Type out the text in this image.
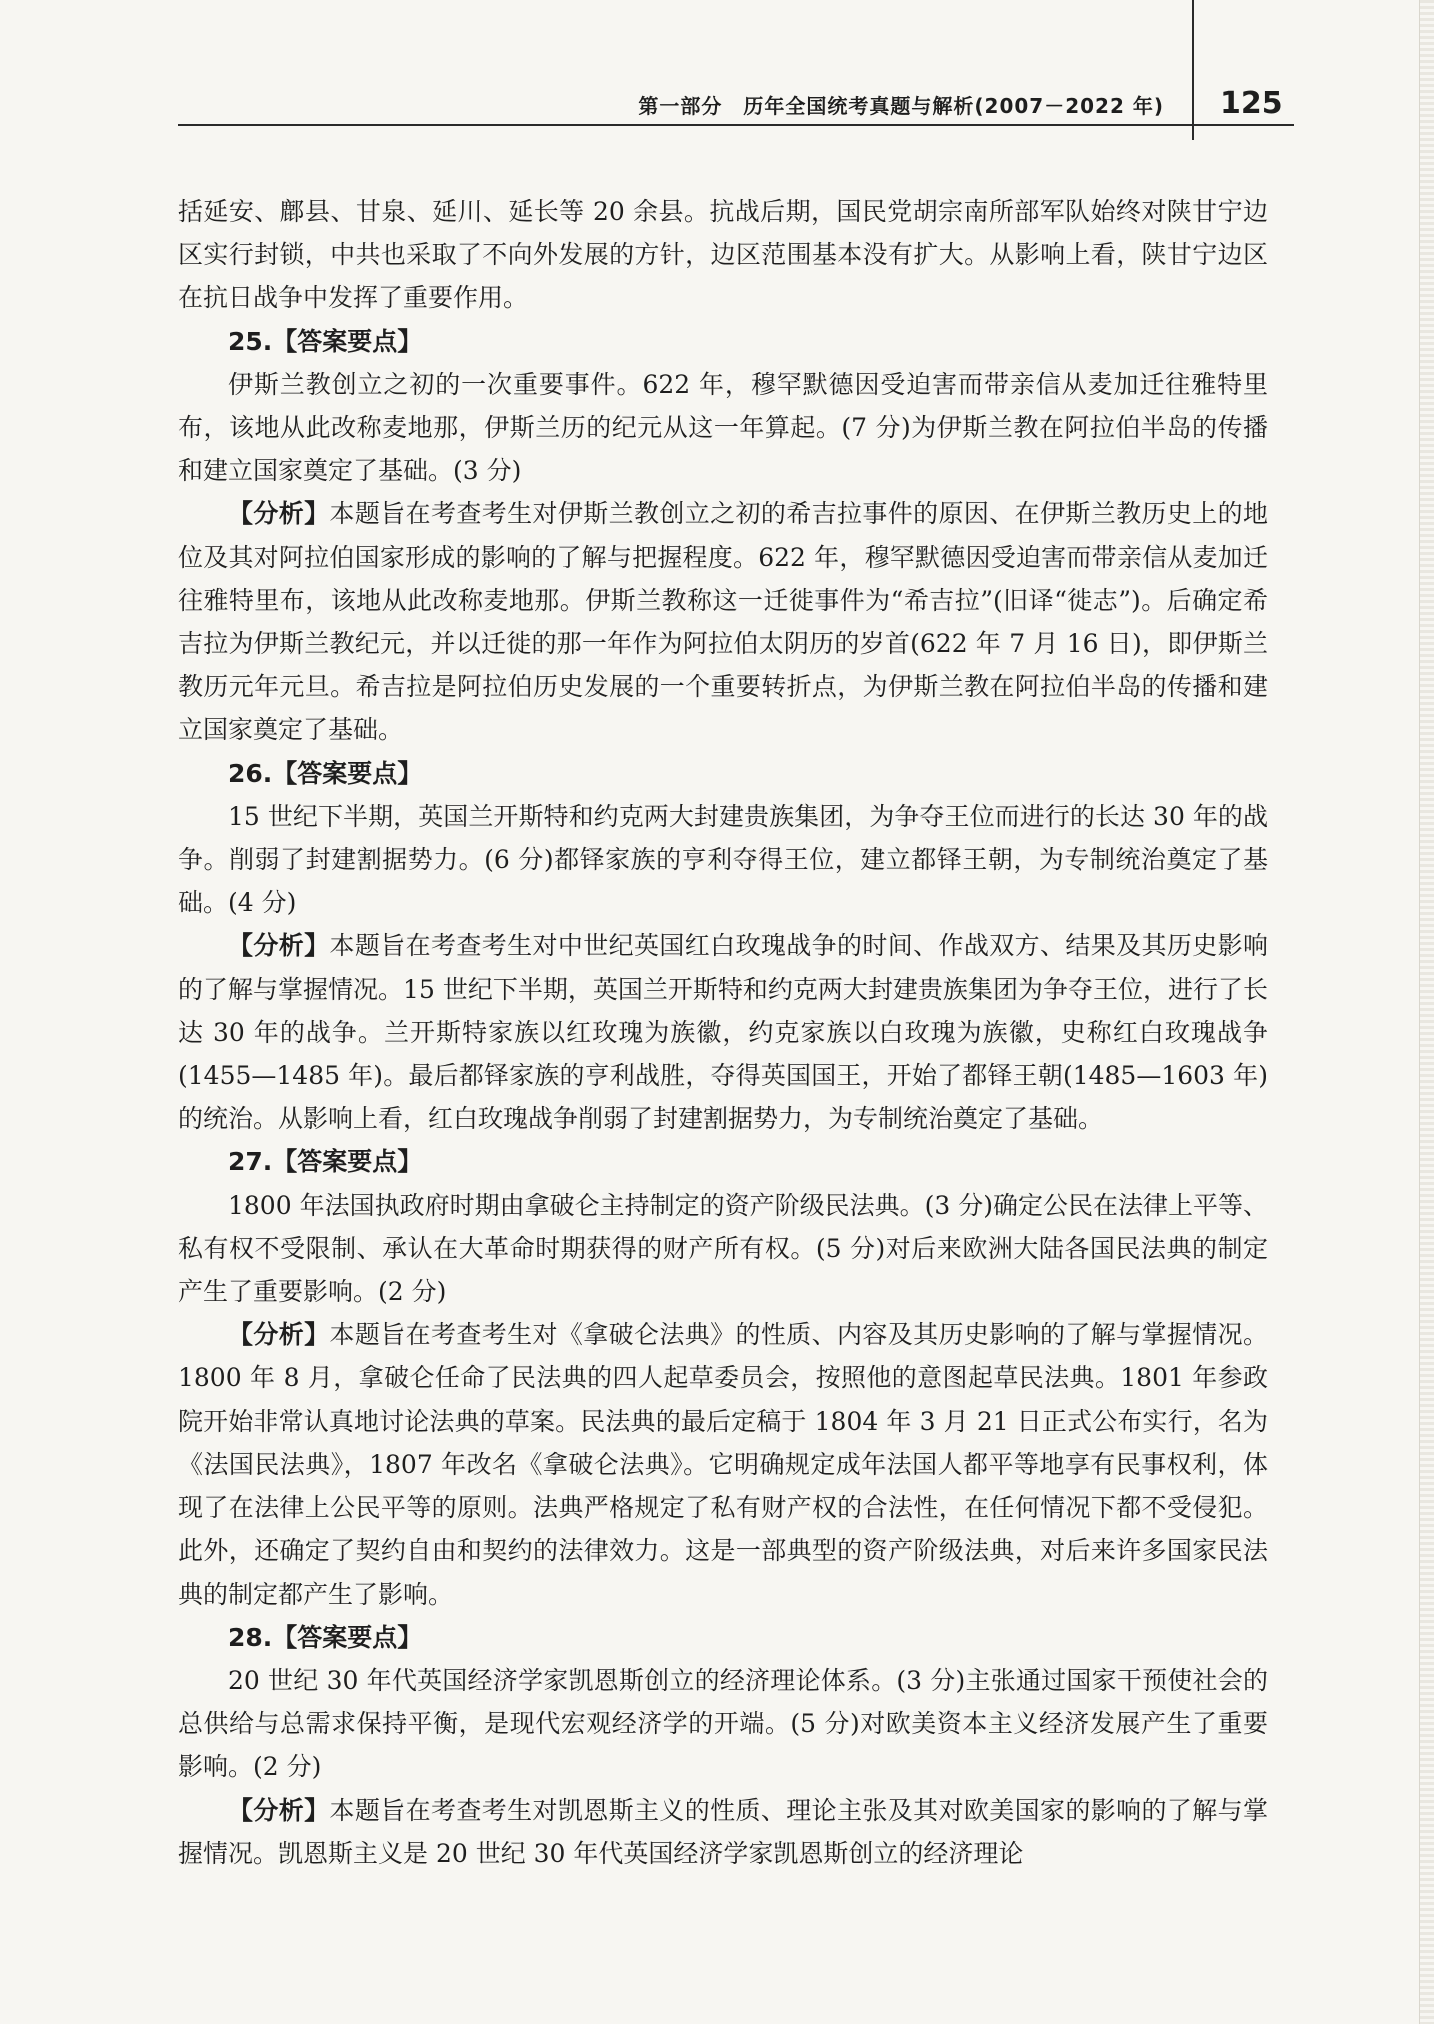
第一部分　历年全国统考真题与解析(2007－2022 年) 125

括延安、鄜县、甘泉、延川、延长等 20 余县。抗战后期，国民党胡宗南所部军队始终对陕甘宁边区实行封锁，中共也采取了不向外发展的方针，边区范围基本没有扩大。从影响上看，陕甘宁边区在抗日战争中发挥了重要作用。

25.【答案要点】

伊斯兰教创立之初的一次重要事件。622 年，穆罕默德因受迫害而带亲信从麦加迁往雅特里布，该地从此改称麦地那，伊斯兰历的纪元从这一年算起。(7 分)为伊斯兰教在阿拉伯半岛的传播和建立国家奠定了基础。(3 分)

【分析】本题旨在考查考生对伊斯兰教创立之初的希吉拉事件的原因、在伊斯兰教历史上的地位及其对阿拉伯国家形成的影响的了解与把握程度。622 年，穆罕默德因受迫害而带亲信从麦加迁往雅特里布，该地从此改称麦地那。伊斯兰教称这一迁徙事件为“希吉拉”(旧译“徙志”)。后确定希吉拉为伊斯兰教纪元，并以迁徙的那一年作为阿拉伯太阴历的岁首(622 年 7 月 16 日)，即伊斯兰教历元年元旦。希吉拉是阿拉伯历史发展的一个重要转折点，为伊斯兰教在阿拉伯半岛的传播和建立国家奠定了基础。

26.【答案要点】

15 世纪下半期，英国兰开斯特和约克两大封建贵族集团，为争夺王位而进行的长达 30 年的战争。削弱了封建割据势力。(6 分)都铎家族的亨利夺得王位，建立都铎王朝，为专制统治奠定了基础。(4 分)

【分析】本题旨在考查考生对中世纪英国红白玫瑰战争的时间、作战双方、结果及其历史影响的了解与掌握情况。15 世纪下半期，英国兰开斯特和约克两大封建贵族集团为争夺王位，进行了长达 30 年的战争。兰开斯特家族以红玫瑰为族徽，约克家族以白玫瑰为族徽，史称红白玫瑰战争(1455—1485 年)。最后都铎家族的亨利战胜，夺得英国国王，开始了都铎王朝(1485—1603 年)的统治。从影响上看，红白玫瑰战争削弱了封建割据势力，为专制统治奠定了基础。

27.【答案要点】

1800 年法国执政府时期由拿破仑主持制定的资产阶级民法典。(3 分)确定公民在法律上平等、私有权不受限制、承认在大革命时期获得的财产所有权。(5 分)对后来欧洲大陆各国民法典的制定产生了重要影响。(2 分)

【分析】本题旨在考查考生对《拿破仑法典》的性质、内容及其历史影响的了解与掌握情况。1800 年 8 月，拿破仑任命了民法典的四人起草委员会，按照他的意图起草民法典。1801 年参政院开始非常认真地讨论法典的草案。民法典的最后定稿于 1804 年 3 月 21 日正式公布实行，名为《法国民法典》，1807 年改名《拿破仑法典》。它明确规定成年法国人都平等地享有民事权利，体现了在法律上公民平等的原则。法典严格规定了私有财产权的合法性，在任何情况下都不受侵犯。此外，还确定了契约自由和契约的法律效力。这是一部典型的资产阶级法典，对后来许多国家民法典的制定都产生了影响。

28.【答案要点】

20 世纪 30 年代英国经济学家凯恩斯创立的经济理论体系。(3 分)主张通过国家干预使社会的总供给与总需求保持平衡，是现代宏观经济学的开端。(5 分)对欧美资本主义经济发展产生了重要影响。(2 分)

【分析】本题旨在考查考生对凯恩斯主义的性质、理论主张及其对欧美国家的影响的了解与掌握情况。凯恩斯主义是 20 世纪 30 年代英国经济学家凯恩斯创立的经济理论
